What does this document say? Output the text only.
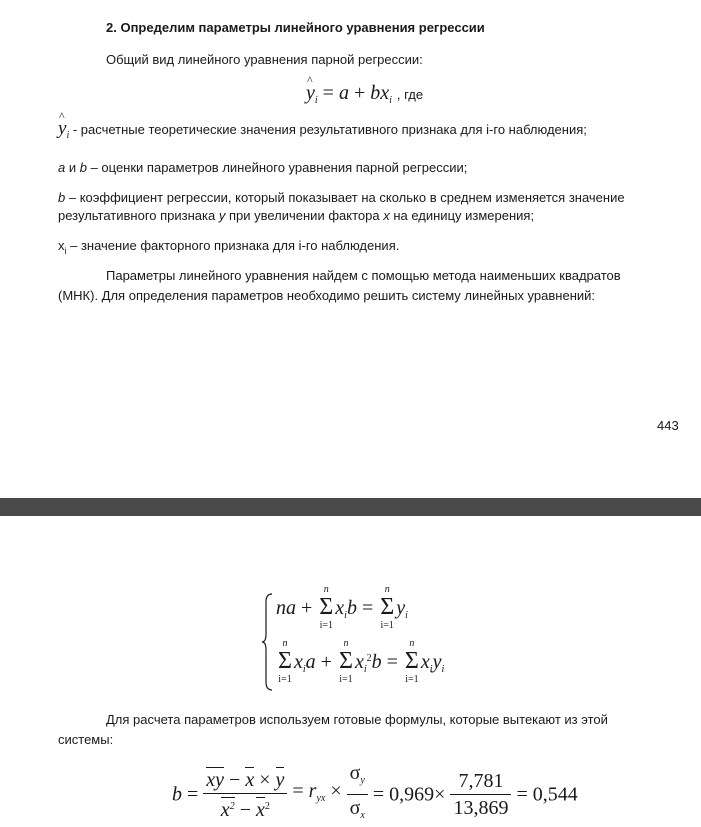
2. Определим параметры линейного уравнения регрессии
Общий вид линейного уравнения парной регрессии:
^ $y_i = a + bx_i$ , где
^ $y_i$ - расчетные теоретические значения результативного признака для i-го наблюдения;
a и b – оценки параметров линейного уравнения парной регрессии;
b – коэффициент регрессии, который показывает на сколько в среднем изменяется значение
результативного признака y при увеличении фактора x на единицу измерения;
$x_i$ – значение факторного признака для i-го наблюдения.
Параметры линейного уравнения найдем с помощью метода наименьших квадратов
(МНК). Для определения параметров необходимо решить систему линейных уравнений:
443
na + Σ
n
i=1
$x_ib = \Sigma$
n
i=1
$y_i$
Σ
n
i=1
$x_ia + \Sigma$
n
i=1
$x_i^2b = \Sigma$
n
i=1
$x_iy_i$
Для расчета параметров используем готовые формулы, которые вытекают из этой
системы:
$b = \frac{xy - x \times y}{x^2 - x^2} = r_{yx} \times \frac{\sigma_y}{\sigma_x} = 0,969\times \frac{7,781}{13,869} = 0,544$
